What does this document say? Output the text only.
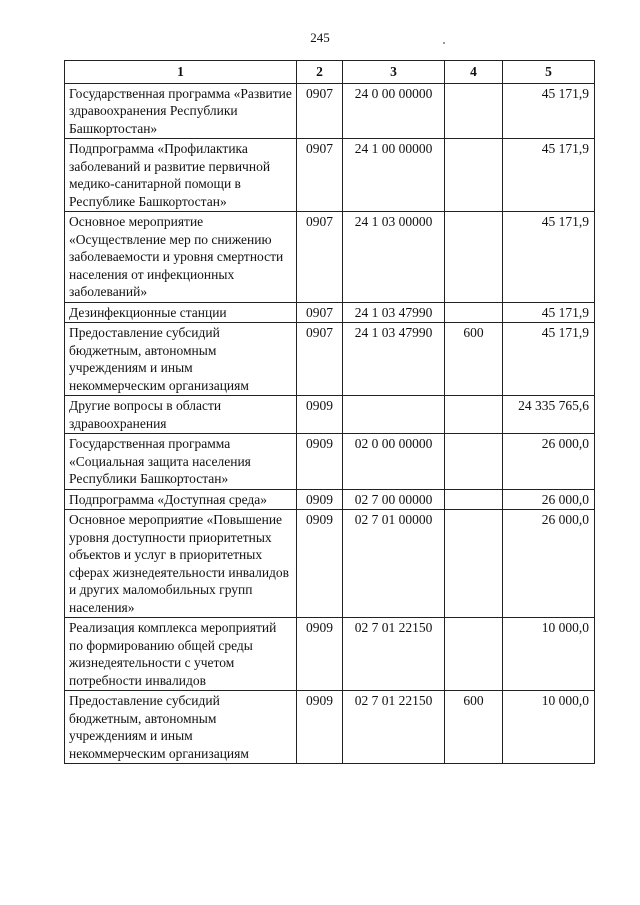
245
1	2	3	4	5
Государственная программа «Развитие здравоохранения Республики Башкортостан»	0907	24 0 00 00000		45 171,9
Подпрограмма «Профилактика заболеваний и развитие первичной медико-санитарной помощи в Республике Башкортостан»	0907	24 1 00 00000		45 171,9
Основное мероприятие «Осуществление мер по снижению заболеваемости и уровня смертности населения от инфекционных заболеваний»	0907	24 1 03 00000		45 171,9
Дезинфекционные станции	0907	24 1 03 47990		45 171,9
Предоставление субсидий бюджетным, автономным учреждениям и иным некоммерческим организациям	0907	24 1 03 47990	600	45 171,9
Другие вопросы в области здравоохранения	0909			24 335 765,6
Государственная программа «Социальная защита населения Республики Башкортостан»	0909	02 0 00 00000		26 000,0
Подпрограмма «Доступная среда»	0909	02 7 00 00000		26 000,0
Основное мероприятие «Повышение уровня доступности приоритетных объектов и услуг в приоритетных сферах жизнедеятельности инвалидов и других маломобильных групп населения»	0909	02 7 01 00000		26 000,0
Реализация комплекса мероприятий по формированию общей среды жизнедеятельности с учетом потребности инвалидов	0909	02 7 01 22150		10 000,0
Предоставление субсидий бюджетным, автономным учреждениям и иным некоммерческим организациям	0909	02 7 01 22150	600	10 000,0
